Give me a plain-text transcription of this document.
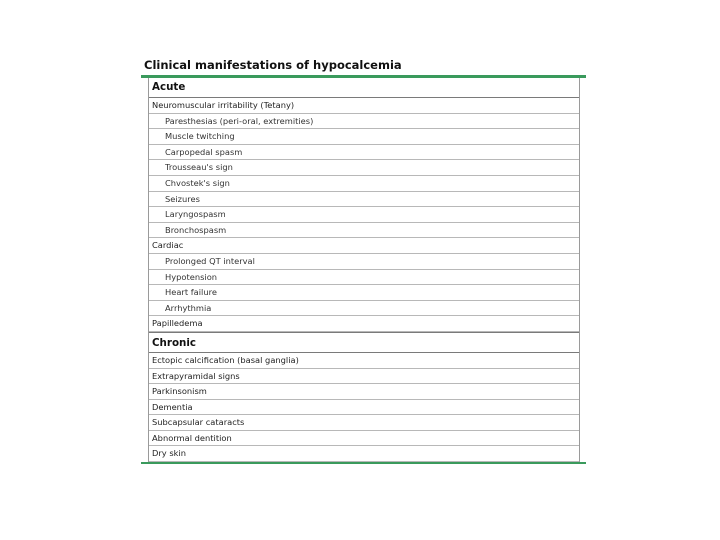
Clinical manifestations of hypocalcemia
Acute
Neuromuscular irritability (Tetany)
Paresthesias (peri-oral, extremities)
Muscle twitching
Carpopedal spasm
Trousseau's sign
Chvostek's sign
Seizures
Laryngospasm
Bronchospasm
Cardiac
Prolonged QT interval
Hypotension
Heart failure
Arrhythmia
Papilledema
Chronic
Ectopic calcification (basal ganglia)
Extrapyramidal signs
Parkinsonism
Dementia
Subcapsular cataracts
Abnormal dentition
Dry skin
